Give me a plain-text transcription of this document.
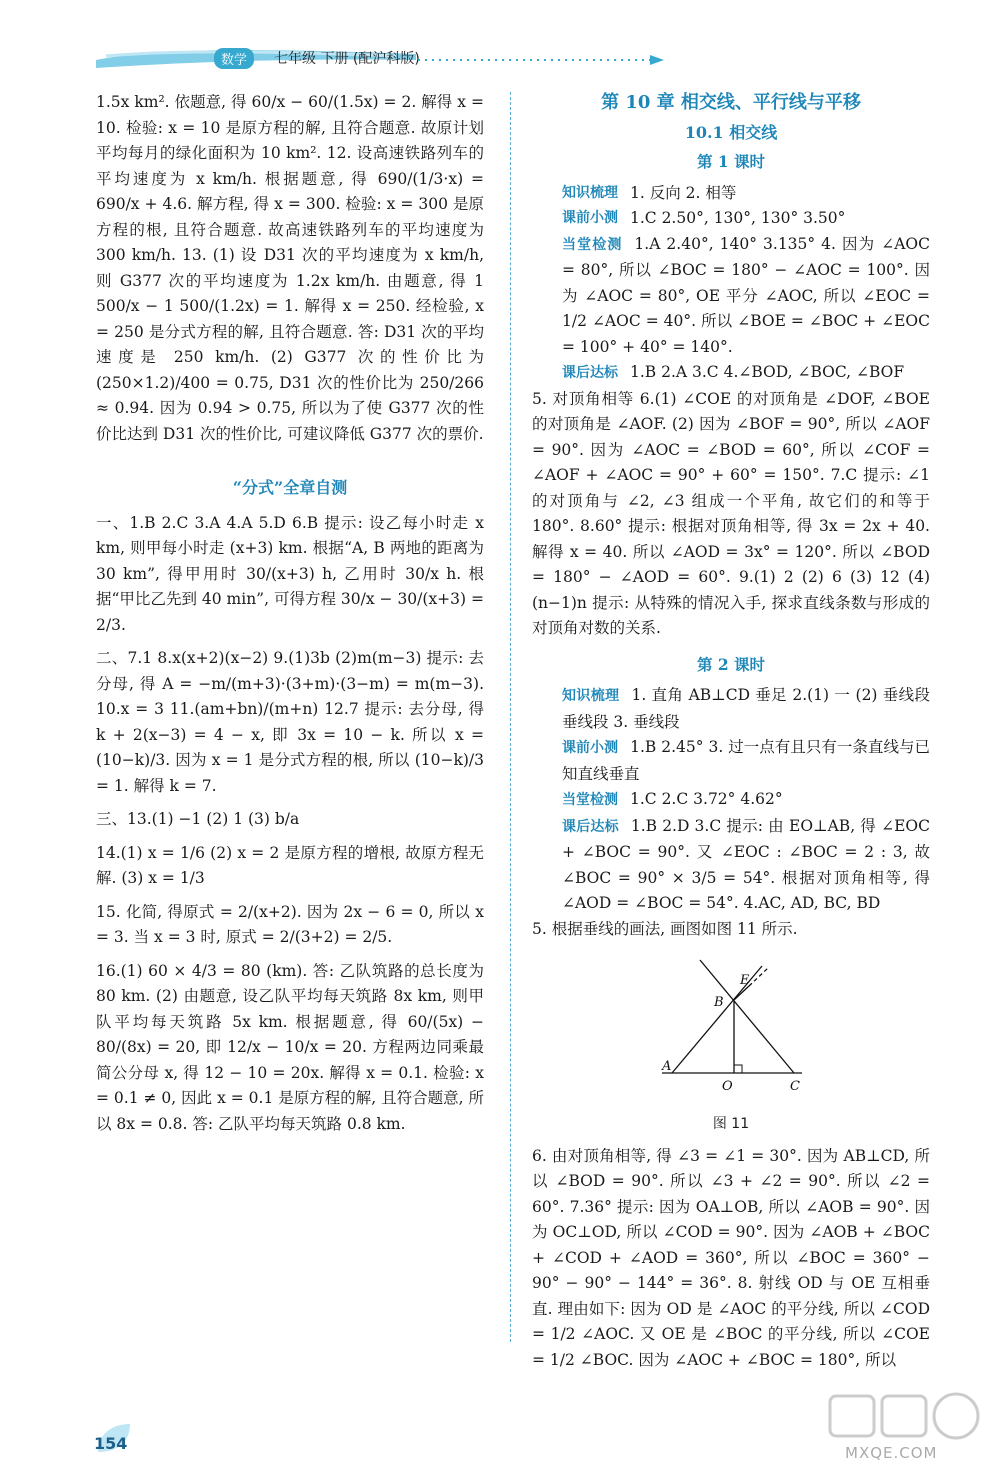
数学	七年级 下册 (配沪科版)

1.5x km². 依题意, 得 60/x − 60/(1.5x) = 2. 解得 x = 10. 检验: x = 10 是原方程的解, 且符合题意. 故原计划平均每月的绿化面积为 10 km². 12. 设高速铁路列车的平均速度为 x km/h. 根据题意, 得 690/(1/3·x) = 690/x + 4.6. 解方程, 得 x = 300. 检验: x = 300 是原方程的根, 且符合题意. 故高速铁路列车的平均速度为 300 km/h. 13. (1) 设 D31 次的平均速度为 x km/h, 则 G377 次的平均速度为 1.2x km/h. 由题意, 得 1 500/x − 1 500/(1.2x) = 1. 解得 x = 250. 经检验, x = 250 是分式方程的解, 且符合题意. 答: D31 次的平均速度是 250 km/h. (2) G377 次的性价比为 (250×1.2)/400 = 0.75, D31 次的性价比为 250/266 ≈ 0.94. 因为 0.94 > 0.75, 所以为了使 G377 次的性价比达到 D31 次的性价比, 可建议降低 G377 次的票价.

“分式”全章自测

一、1.B 2.C 3.A 4.A 5.D 6.B 提示: 设乙每小时走 x km, 则甲每小时走 (x+3) km. 根据“A, B 两地的距离为 30 km”, 得甲用时 30/(x+3) h, 乙用时 30/x h. 根据“甲比乙先到 40 min”, 可得方程 30/x − 30/(x+3) = 2/3.

二、7.1 8.x(x+2)(x−2) 9.(1)3b (2)m(m−3) 提示: 去分母, 得 A = −m/(m+3)·(3+m)·(3−m) = m(m−3). 10.x = 3 11.(am+bn)/(m+n) 12.7 提示: 去分母, 得 k + 2(x−3) = 4 − x, 即 3x = 10 − k. 所以 x = (10−k)/3. 因为 x = 1 是分式方程的根, 所以 (10−k)/3 = 1. 解得 k = 7.

三、13.(1) −1 (2) 1 (3) b/a

14.(1) x = 1/6 (2) x = 2 是原方程的增根, 故原方程无解. (3) x = 1/3

15. 化简, 得原式 = 2/(x+2). 因为 2x − 6 = 0, 所以 x = 3. 当 x = 3 时, 原式 = 2/(3+2) = 2/5.

16.(1) 60 × 4/3 = 80 (km). 答: 乙队筑路的总长度为 80 km. (2) 由题意, 设乙队平均每天筑路 8x km, 则甲队平均每天筑路 5x km. 根据题意, 得 60/(5x) − 80/(8x) = 20, 即 12/x − 10/x = 20. 方程两边同乘最简公分母 x, 得 12 − 10 = 20x. 解得 x = 0.1. 检验: x = 0.1 ≠ 0, 因此 x = 0.1 是原方程的解, 且符合题意, 所以 8x = 0.8. 答: 乙队平均每天筑路 0.8 km.

第 10 章 相交线、平行线与平移
10.1 相交线
第 1 课时
知识梳理 1. 反向 2. 相等
课前小测 1.C 2.50°, 130°, 130° 3.50°

当堂检测 1.A 2.40°, 140° 3.135° 4. 因为 ∠AOC = 80°, 所以 ∠BOC = 180° − ∠AOC = 100°. 因为 ∠AOC = 80°, OE 平分 ∠AOC, 所以 ∠EOC = 1/2 ∠AOC = 40°. 所以 ∠BOE = ∠BOC + ∠EOC = 100° + 40° = 140°.

课后达标 1.B 2.A 3.C 4.∠BOD, ∠BOC, ∠BOF

5. 对顶角相等 6.(1) ∠COE 的对顶角是 ∠DOF, ∠BOE 的对顶角是 ∠AOF. (2) 因为 ∠BOF = 90°, 所以 ∠AOF = 90°. 因为 ∠AOC = ∠BOD = 60°, 所以 ∠COF = ∠AOF + ∠AOC = 90° + 60° = 150°. 7.C 提示: ∠1 的对顶角与 ∠2, ∠3 组成一个平角, 故它们的和等于 180°. 8.60° 提示: 根据对顶角相等, 得 3x = 2x + 40. 解得 x = 40. 所以 ∠AOD = 3x° = 120°. 所以 ∠BOD = 180° − ∠AOD = 60°. 9.(1) 2 (2) 6 (3) 12 (4) (n−1)n 提示: 从特殊的情况入手, 探求直线条数与形成的对顶角对数的关系.

第 2 课时

知识梳理 1. 直角 AB⊥CD 垂足 2.(1) 一 (2) 垂线段 垂线段 3. 垂线段

课前小测 1.B 2.45° 3. 过一点有且只有一条直线与已知直线垂直

当堂检测 1.C 2.C 3.72° 4.62°

课后达标 1.B 2.D 3.C 提示: 由 EO⊥AB, 得 ∠EOC + ∠BOC = 90°. 又 ∠EOC : ∠BOC = 2 : 3, 故 ∠BOC = 90° × 3/5 = 54°. 根据对顶角相等, 得 ∠AOD = ∠BOC = 54°. 4.AC, AD, BC, BD

5. 根据垂线的画法, 画图如图 11 所示.

E
B
A
O	C
图 11

6. 由对顶角相等, 得 ∠3 = ∠1 = 30°. 因为 AB⊥CD, 所以 ∠BOD = 90°. 所以 ∠3 + ∠2 = 90°. 所以 ∠2 = 60°. 7.36° 提示: 因为 OA⊥OB, 所以 ∠AOB = 90°. 因为 OC⊥OD, 所以 ∠COD = 90°. 因为 ∠AOB + ∠BOC + ∠COD + ∠AOD = 360°, 所以 ∠BOC = 360° − 90° − 90° − 144° = 36°. 8. 射线 OD 与 OE 互相垂直. 理由如下: 因为 OD 是 ∠AOC 的平分线, 所以 ∠COD = 1/2 ∠AOC. 又 OE 是 ∠BOC 的平分线, 所以 ∠COE = 1/2 ∠BOC. 因为 ∠AOC + ∠BOC = 180°, 所以

154	MXQE.COM
